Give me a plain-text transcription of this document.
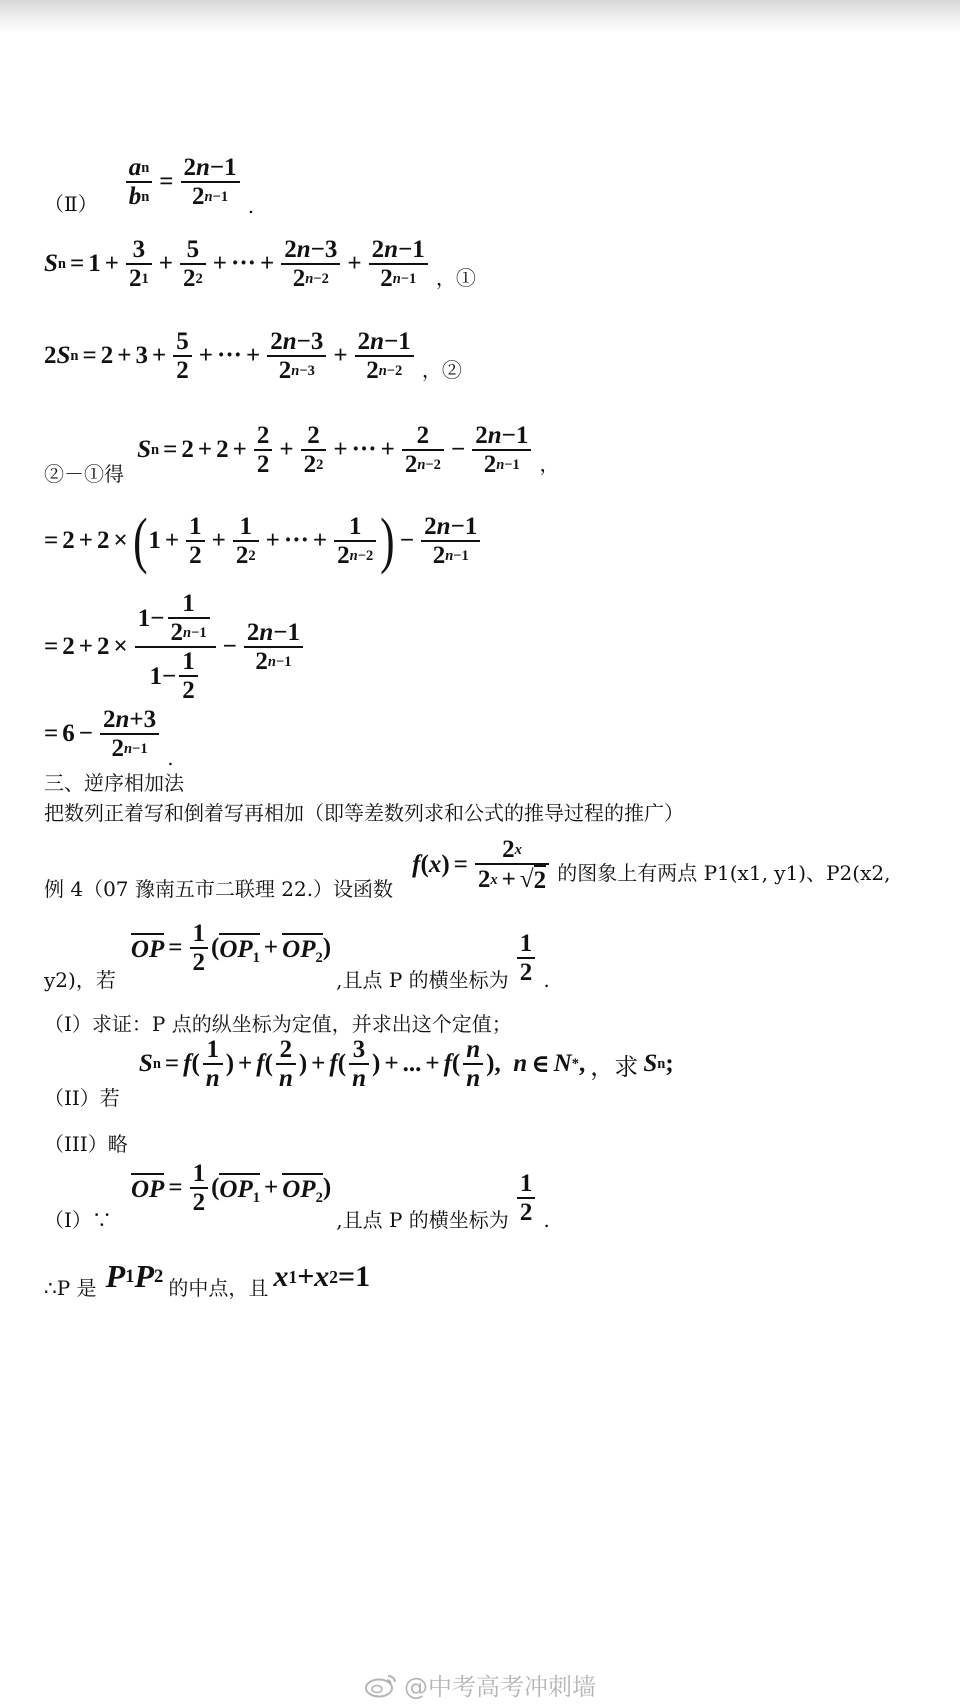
（Ⅱ） $\frac{\text{a n}}{\text{b n}} = \frac{2 n -1}{2 n-1}$ .
S $n = 1 + \frac{3}{2 1} + \frac{5}{2 2}$ + ··· + $\frac{2 n -3}{2 n-2} + \frac{2 n -1}{2 n-1}$ ，①
2 S $n = 2 + 3 + \frac{5}{2}$ + ··· + $\frac{2 n -3}{2 n-3} + \frac{2 n -1}{2 n-2}$ ，②
②－①得
S $n = 2 + 2 + \frac{2}{2} + \frac{2}{2 2}$ + ··· + $\frac{2}{2 n-2} - \frac{2 n -1}{2 n-1}$ ，
= 2 + 2 × ( $1 + \frac{1}{2} + \frac{1}{2 2}$ + ··· + $\frac{1}{2 n-2}$ ) − $\frac{2 n -1}{2 n-1}$
= $2 + 2 \times \frac{1- \frac{1}{2 n-1}}{1- \frac{1}{2}} - \frac{2 n -1}{2 n-1}$
= $6 - \frac{2 n +3}{2 n-1}$ .
三、逆序相加法
把数列正着写和倒着写再相加（即等差数列求和公式的推导过程的推广）
例 4（07 豫南五市二联理 22.）设函数
f ( x ) = $\frac{2 x}{2 x + √ 2}$ 的图象上有两点 P1(x1, y1)、P2(x2,
y2)，若
OP = $\frac{1}{2}$ ( $OP_1 + OP_2$ ) ,且点 P 的横坐标为 $\frac{1}{2}$ .
（I）求证：P 点的纵坐标为定值，并求出这个定值；
（II）若
S n = f ( $\frac{1}{n}$ ) + f ( $\frac{2}{n}$ ) + f ( $\frac{3}{n}$ ) + ... + f ( $\frac{n}{n}$ ), n ∈ N * , ，求 S n ;
（III）略
（I）∵
OP = $\frac{1}{2}$ ( $OP_1 + OP_2$ ) ,且点 P 的横坐标为 $\frac{1}{2}$ .
∴P 是 P 1 P 2 的中点，且 x 1 + x 2 =1
@中考高考冲刺墙
